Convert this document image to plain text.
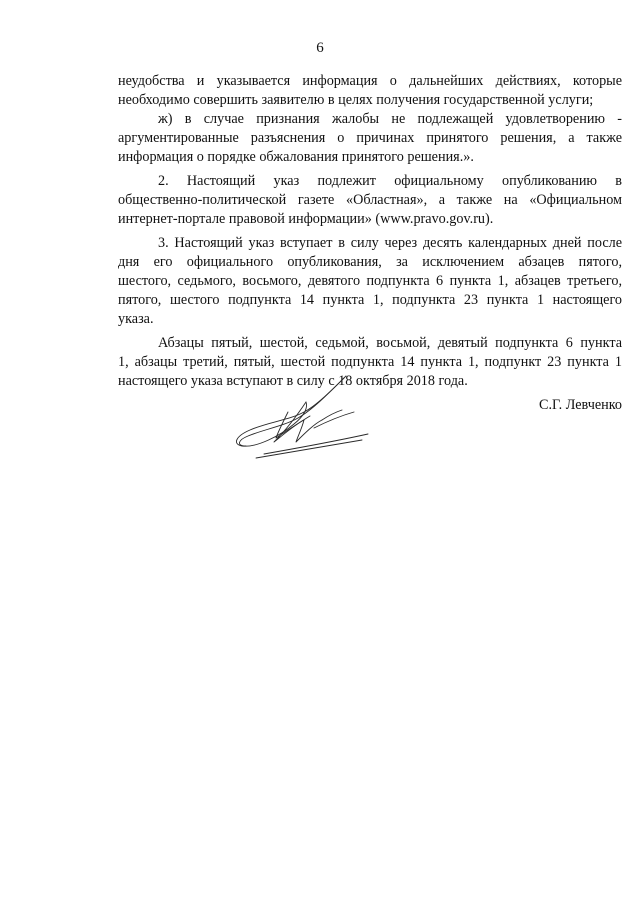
6
неудобства и указывается информация о дальнейших действиях, которые
необходимо совершить заявителю в целях получения государственной услуги;
ж) в случае признания жалобы не подлежащей удовлетворению -
аргументированные разъяснения о причинах принятого решения, а также
информация о порядке обжалования принятого решения.».
2. Настоящий указ подлежит официальному опубликованию в
общественно-политической газете «Областная», а также на «Официальном
интернет-портале правовой информации» (www.pravo.gov.ru).
3. Настоящий указ вступает в силу через десять календарных дней после
дня его официального опубликования, за исключением абзацев пятого,
шестого, седьмого, восьмого, девятого подпункта 6 пункта 1, абзацев третьего,
пятого, шестого подпункта 14 пункта 1, подпункта 23 пункта 1 настоящего
указа.
Абзацы пятый, шестой, седьмой, восьмой, девятый подпункта 6 пункта
1, абзацы третий, пятый, шестой подпункта 14 пункта 1, подпункт 23 пункта 1
настоящего указа вступают в силу с 18 октября 2018 года.
С.Г. Левченко
